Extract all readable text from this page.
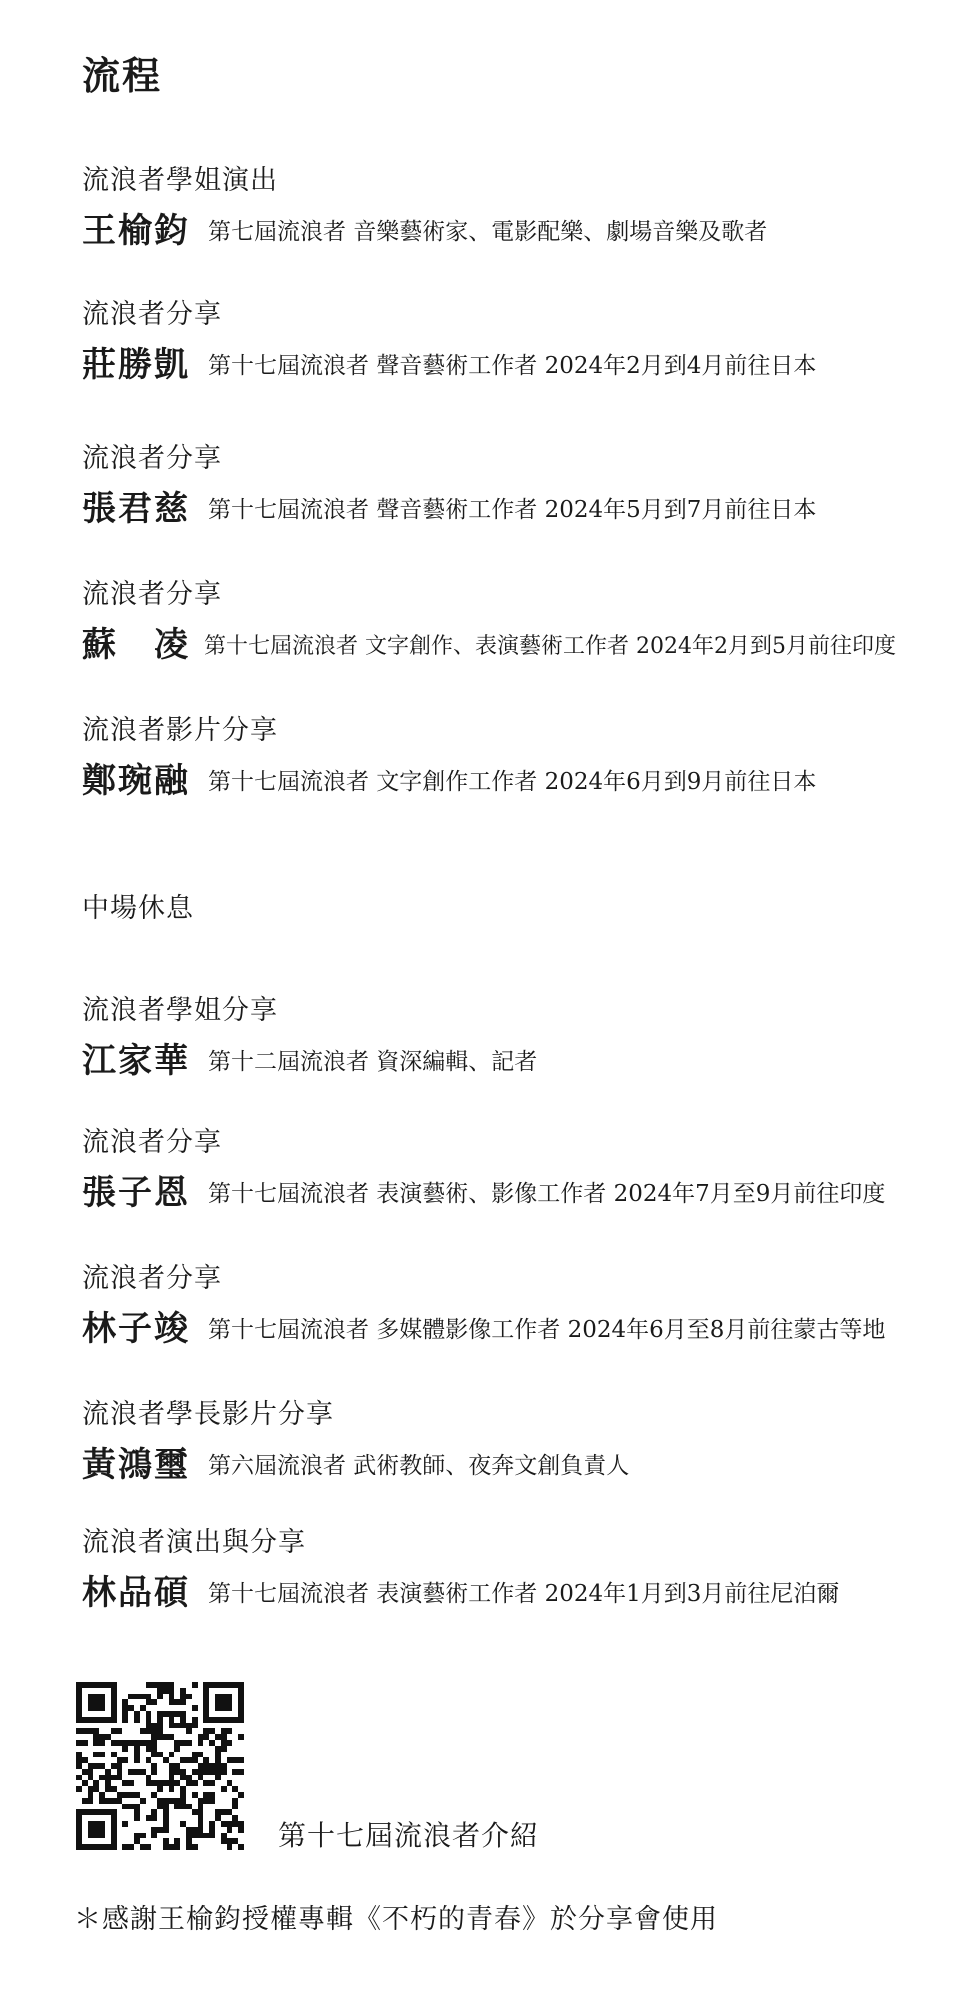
流程
流浪者學姐演出
王榆鈞 第七屆流浪者 音樂藝術家、電影配樂、劇場音樂及歌者
流浪者分享
莊勝凱 第十七屆流浪者 聲音藝術工作者 2024年2月到4月前往日本
流浪者分享
張君慈 第十七屆流浪者 聲音藝術工作者 2024年5月到7月前往日本
流浪者分享
蘇　凌 第十七屆流浪者 文字創作、表演藝術工作者 2024年2月到5月前往印度
流浪者影片分享
鄭琬融 第十七屆流浪者 文字創作工作者 2024年6月到9月前往日本
中場休息
流浪者學姐分享
江家華 第十二屆流浪者 資深編輯、記者
流浪者分享
張子恩 第十七屆流浪者 表演藝術、影像工作者 2024年7月至9月前往印度
流浪者分享
林子竣 第十七屆流浪者 多媒體影像工作者 2024年6月至8月前往蒙古等地
流浪者學長影片分享
黃鴻璽 第六屆流浪者 武術教師、夜奔文創負責人
流浪者演出與分享
林品碩 第十七屆流浪者 表演藝術工作者 2024年1月到3月前往尼泊爾
第十七屆流浪者介紹
＊感謝王榆鈞授權專輯《不朽的青春》於分享會使用
